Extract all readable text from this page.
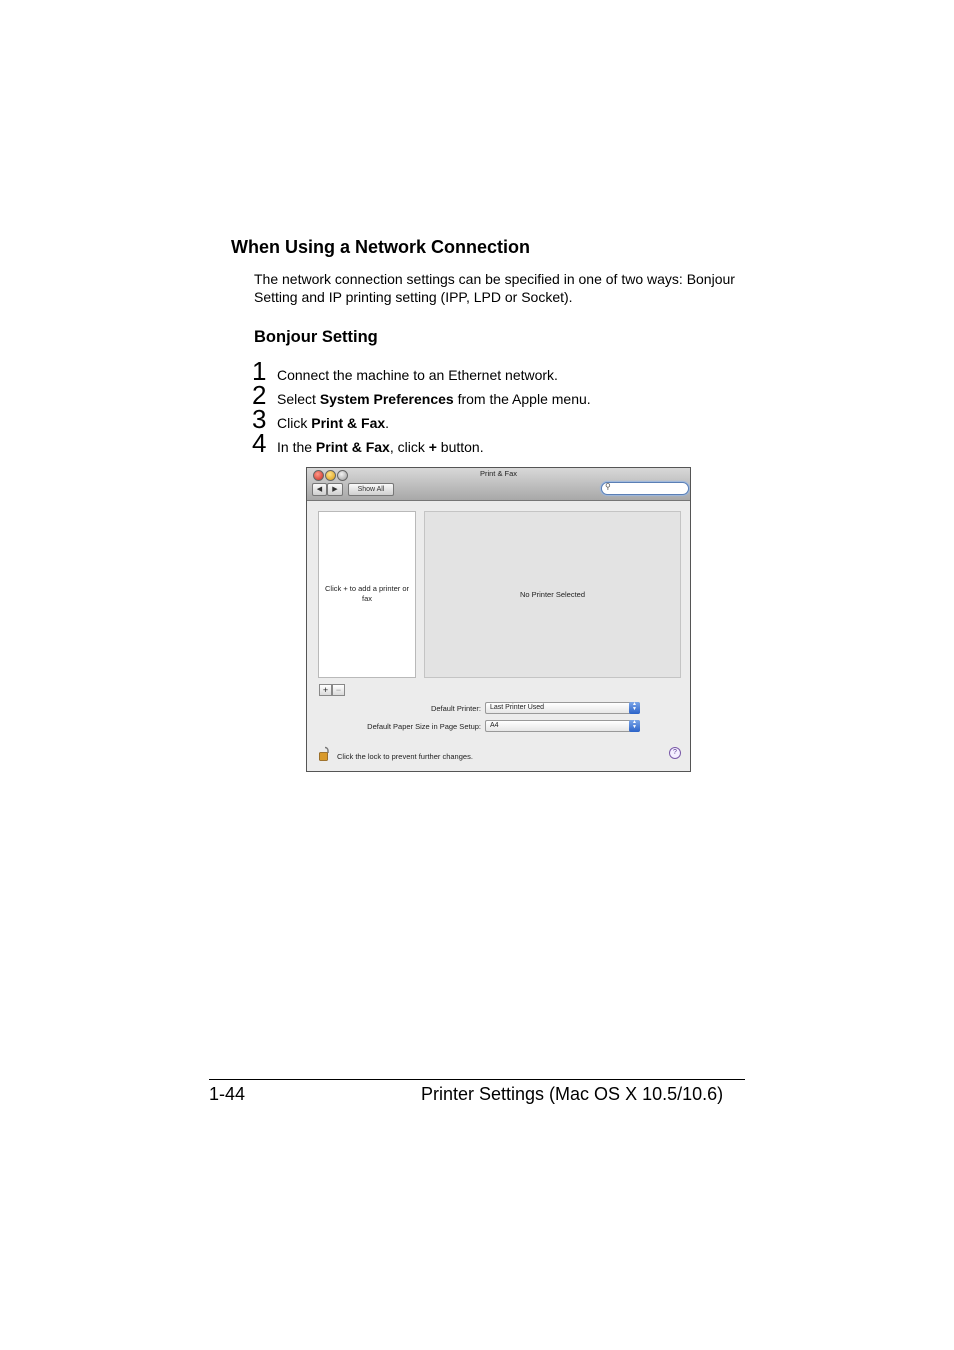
When Using a Network Connection
The network connection settings can be specified in one of two ways: Bonjour Setting and IP printing setting (IPP, LPD or Socket).
Bonjour Setting
1 Connect the machine to an Ethernet network.
2 Select System Preferences from the Apple menu.
3 Click Print & Fax.
4 In the Print & Fax, click + button.
Print & Fax
◀	▶	Show All	⚲
Click + to add a printer or fax	No Printer Selected
+ −
Default Printer: Last Printer Used	▲
▼
Default Paper Size in Page Setup: A4	▲
▼
Click the lock to prevent further changes.	?
1-44	Printer Settings (Mac OS X 10.5/10.6)
